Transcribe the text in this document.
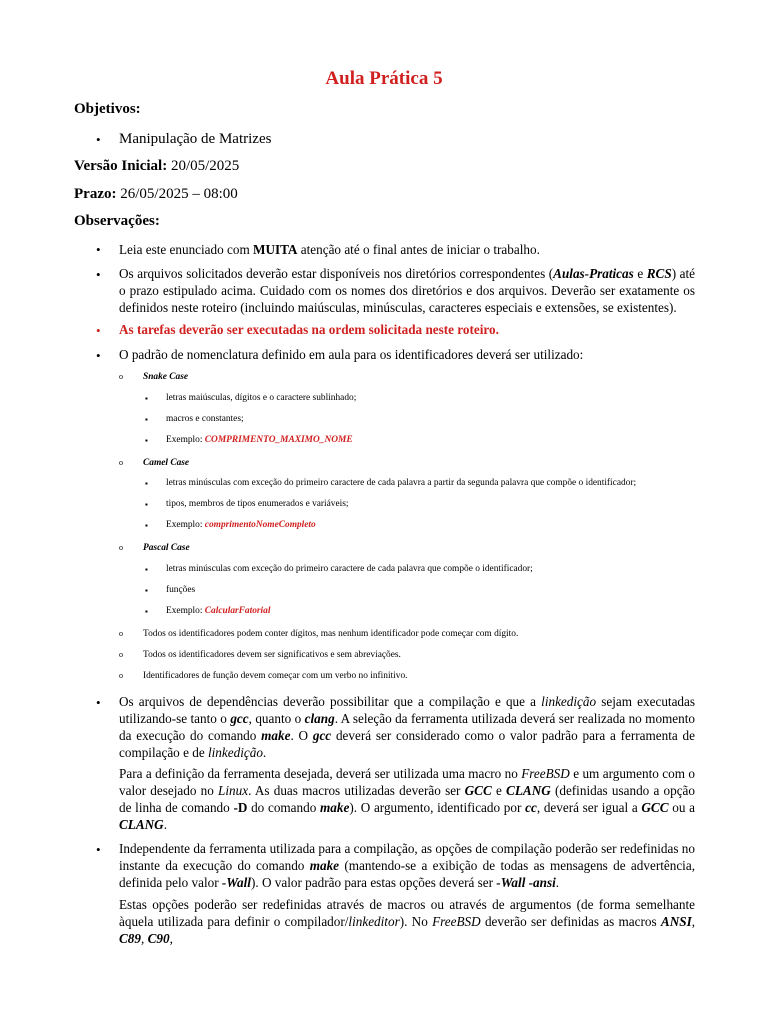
Aula Prática 5
Objetivos:
• Manipulação de Matrizes
Versão Inicial: 20/05/2025
Prazo: 26/05/2025 – 08:00
Observações:
• Leia este enunciado com MUITA atenção até o final antes de iniciar o trabalho.
• Os arquivos solicitados deverão estar disponíveis nos diretórios correspondentes (Aulas-Praticas e RCS) até o prazo estipulado acima. Cuidado com os nomes dos diretórios e dos arquivos. Deverão ser exatamente os definidos neste roteiro (incluindo maiúsculas, minúsculas, caracteres especiais e extensões, se existentes).
• As tarefas deverão ser executadas na ordem solicitada neste roteiro.
• O padrão de nomenclatura definido em aula para os identificadores deverá ser utilizado:
o Snake Case
▪ letras maiúsculas, dígitos e o caractere sublinhado;
▪ macros e constantes;
▪ Exemplo: COMPRIMENTO_MAXIMO_NOME
o Camel Case
▪ letras minúsculas com exceção do primeiro caractere de cada palavra a partir da segunda palavra que compõe o identificador;
▪ tipos, membros de tipos enumerados e variáveis;
▪ Exemplo: comprimentoNomeCompleto
o Pascal Case
▪ letras minúsculas com exceção do primeiro caractere de cada palavra que compõe o identificador;
▪ funções
▪ Exemplo: CalcularFatorial
o Todos os identificadores podem conter dígitos, mas nenhum identificador pode começar com dígito.
o Todos os identificadores devem ser significativos e sem abreviações.
o Identificadores de função devem começar com um verbo no infinitivo.
• Os arquivos de dependências deverão possibilitar que a compilação e que a linkedição sejam executadas utilizando-se tanto o gcc, quanto o clang. A seleção da ferramenta utilizada deverá ser realizada no momento da execução do comando make. O gcc deverá ser considerado como o valor padrão para a ferramenta de compilação e de linkedição.
Para a definição da ferramenta desejada, deverá ser utilizada uma macro no FreeBSD e um argumento com o valor desejado no Linux. As duas macros utilizadas deverão ser GCC e CLANG (definidas usando a opção de linha de comando -D do comando make). O argumento, identificado por cc, deverá ser igual a GCC ou a CLANG.
• Independente da ferramenta utilizada para a compilação, as opções de compilação poderão ser redefinidas no instante da execução do comando make (mantendo-se a exibição de todas as mensagens de advertência, definida pelo valor -Wall). O valor padrão para estas opções deverá ser -Wall -ansi.
Estas opções poderão ser redefinidas através de macros ou através de argumentos (de forma semelhante àquela utilizada para definir o compilador/linkeditor). No FreeBSD deverão ser definidas as macros ANSI, C89, C90,
